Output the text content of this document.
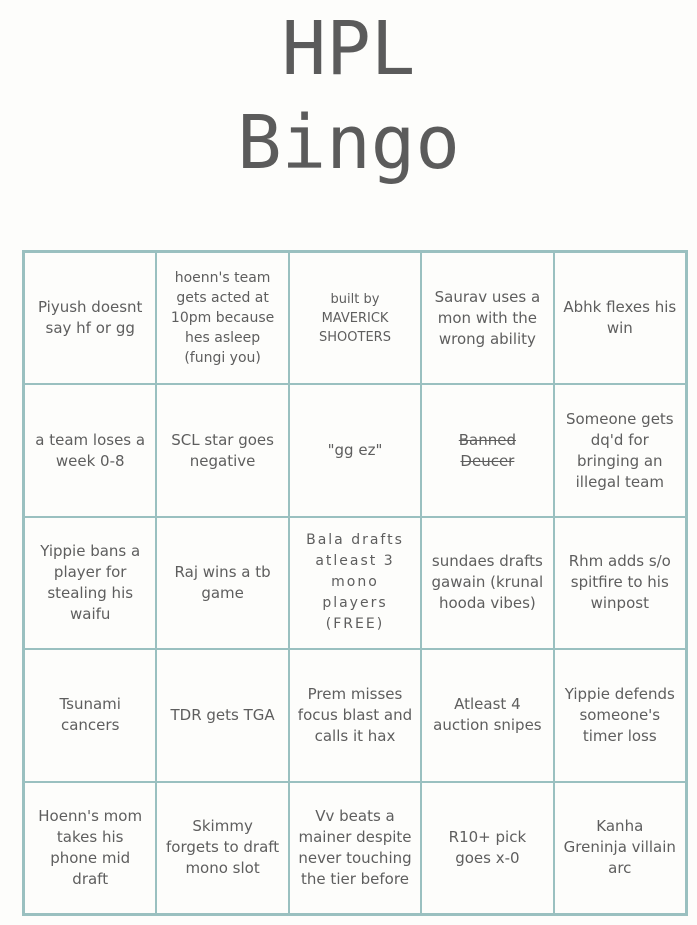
HPL
Bingo
Piyush doesnt say hf or gg
hoenn's team gets acted at 10pm because hes asleep (fungi you)
built by MAVERICK SHOOTERS
Saurav uses a mon with the wrong ability
Abhk flexes his win
a team loses a week 0-8
SCL star goes negative
"gg ez"
Banned Deucer
Someone gets dq'd for bringing an illegal team
Yippie bans a player for stealing his waifu
Raj wins a tb game
Bala drafts atleast 3 mono players (FREE)
sundaes drafts gawain (krunal hooda vibes)
Rhm adds s/o spitfire to his winpost
Tsunami cancers
TDR gets TGA
Prem misses focus blast and calls it hax
Atleast 4 auction snipes
Yippie defends someone's timer loss
Hoenn's mom takes his phone mid draft
Skimmy forgets to draft mono slot
Vv beats a mainer despite never touching the tier before
R10+ pick goes x-0
Kanha Greninja villain arc
